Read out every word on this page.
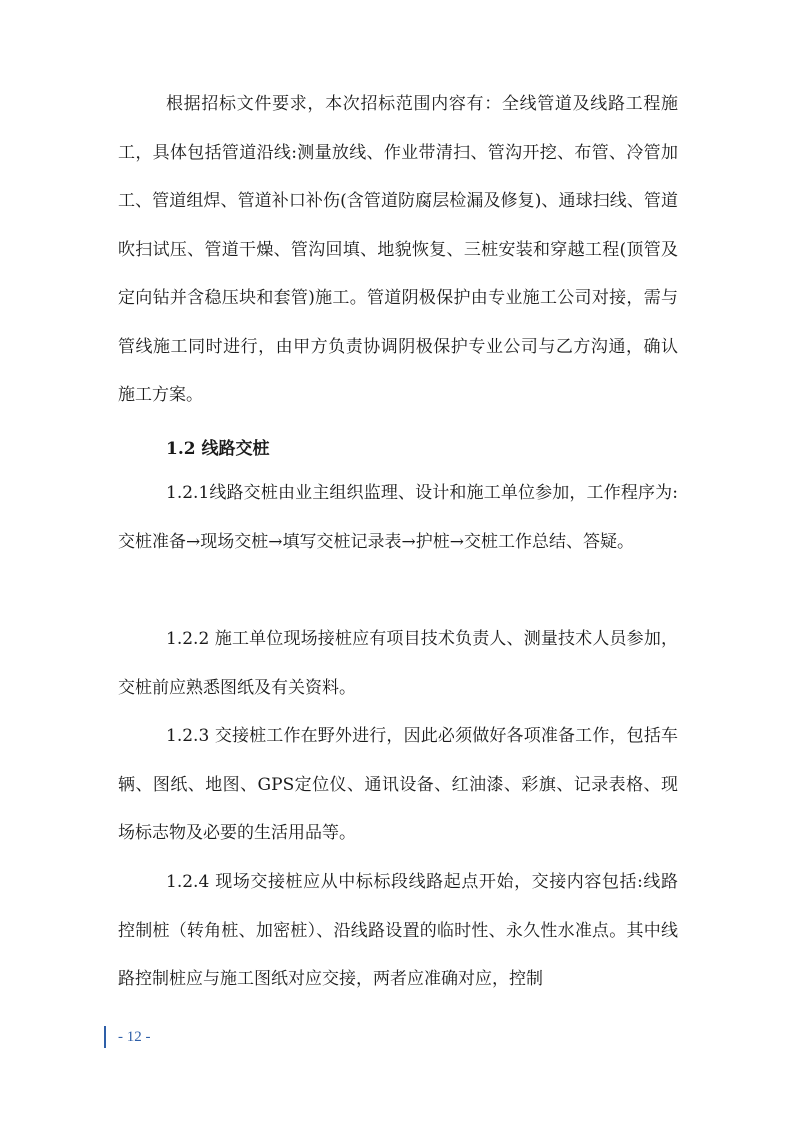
根据招标文件要求，本次招标范围内容有：全线管道及线路工程施工，具体包括管道沿线:测量放线、作业带清扫、管沟开挖、布管、冷管加工、管道组焊、管道补口补伤(含管道防腐层检漏及修复)、通球扫线、管道吹扫试压、管道干燥、管沟回填、地貌恢复、三桩安装和穿越工程(顶管及定向钻并含稳压块和套管)施工。管道阴极保护由专业施工公司对接，需与管线施工同时进行，由甲方负责协调阴极保护专业公司与乙方沟通，确认施工方案。

1.2 线路交桩

1.2.1线路交桩由业主组织监理、设计和施工单位参加，工作程序为:交桩准备→现场交桩→填写交桩记录表→护桩→交桩工作总结、答疑。

1.2.2 施工单位现场接桩应有项目技术负责人、测量技术人员参加，交桩前应熟悉图纸及有关资料。

1.2.3 交接桩工作在野外进行，因此必须做好各项准备工作，包括车辆、图纸、地图、GPS定位仪、通讯设备、红油漆、彩旗、记录表格、现场标志物及必要的生活用品等。

1.2.4 现场交接桩应从中标标段线路起点开始，交接内容包括:线路控制桩（转角桩、加密桩）、沿线路设置的临时性、永久性水准点。其中线路控制桩应与施工图纸对应交接，两者应准确对应，控制

- 12 -
